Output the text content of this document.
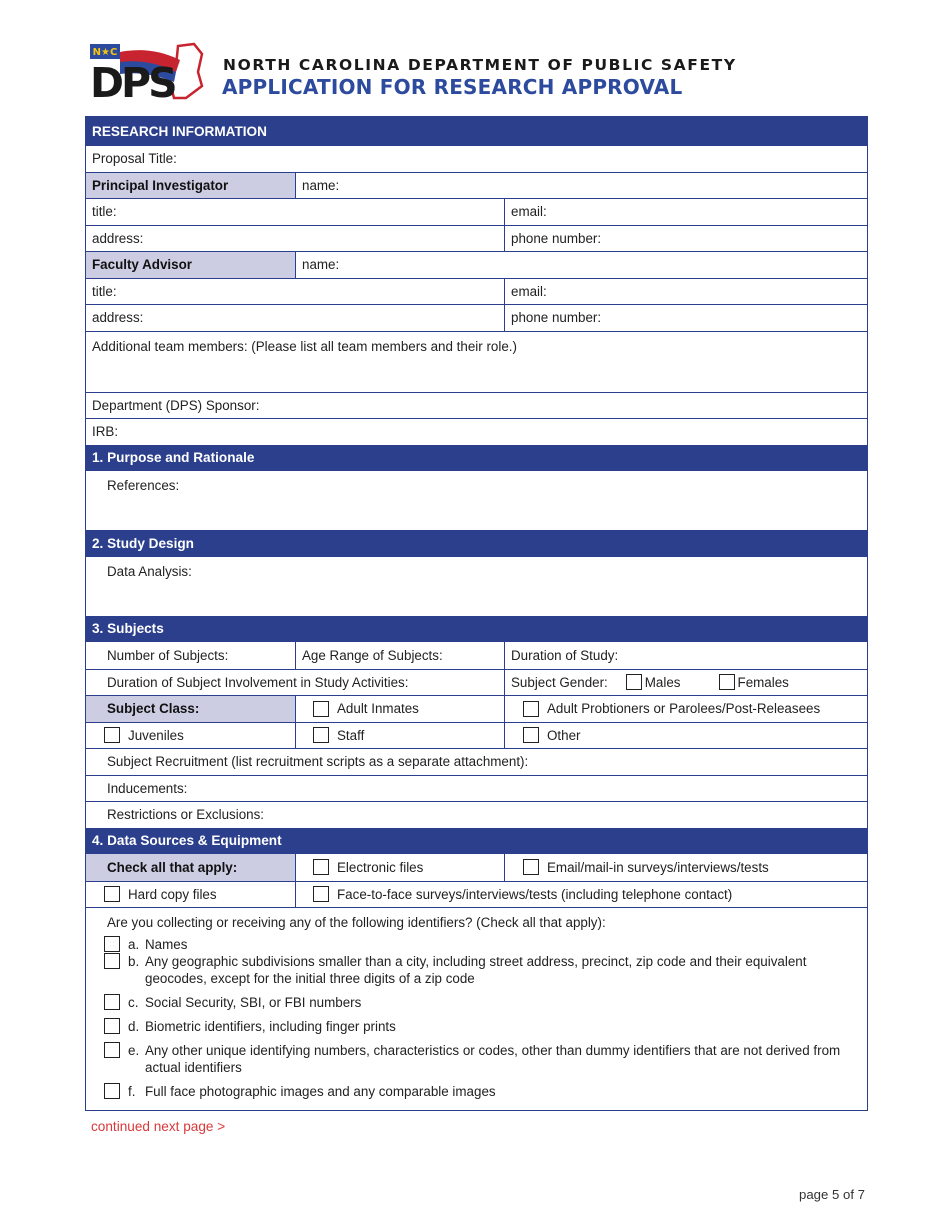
N★C
DPS	NORTH CAROLINA DEPARTMENT OF PUBLIC SAFETY
APPLICATION FOR RESEARCH APPROVAL
RESEARCH INFORMATION
Proposal Title:
Principal Investigator	name:
title:	email:
address:	phone number:
Faculty Advisor	name:
title:	email:
address:	phone number:
Additional team members: (Please list all team members and their role.)
Department (DPS) Sponsor:
IRB:
1. Purpose and Rationale
References:
2. Study Design
Data Analysis:
3. Subjects
Number of Subjects:	Age Range of Subjects:	Duration of Study:
Duration of Subject Involvement in Study Activities:	Subject Gender:	Males	Females
Subject Class:	Adult Inmates	Adult Probtioners or Parolees/Post-Releasees
Juveniles	Staff	Other
Subject Recruitment (list recruitment scripts as a separate attachment):
Inducements:
Restrictions or Exclusions:
4. Data Sources & Equipment
Check all that apply:	Electronic files	Email/mail-in surveys/interviews/tests
Hard copy files	Face-to-face surveys/interviews/tests (including telephone contact)
Are you collecting or receiving any of the following identifiers? (Check all that apply):
a. Names
b. Any geographic subdivisions smaller than a city, including street address, precinct, zip code and their equivalent geocodes, except for the initial three digits of a zip code
c. Social Security, SBI, or FBI numbers
d. Biometric identifiers, including finger prints
e. Any other unique identifying numbers, characteristics or codes, other than dummy identifiers that are not derived from actual identifiers
f. Full face photographic images and any comparable images
continued next page >
page 5 of 7
